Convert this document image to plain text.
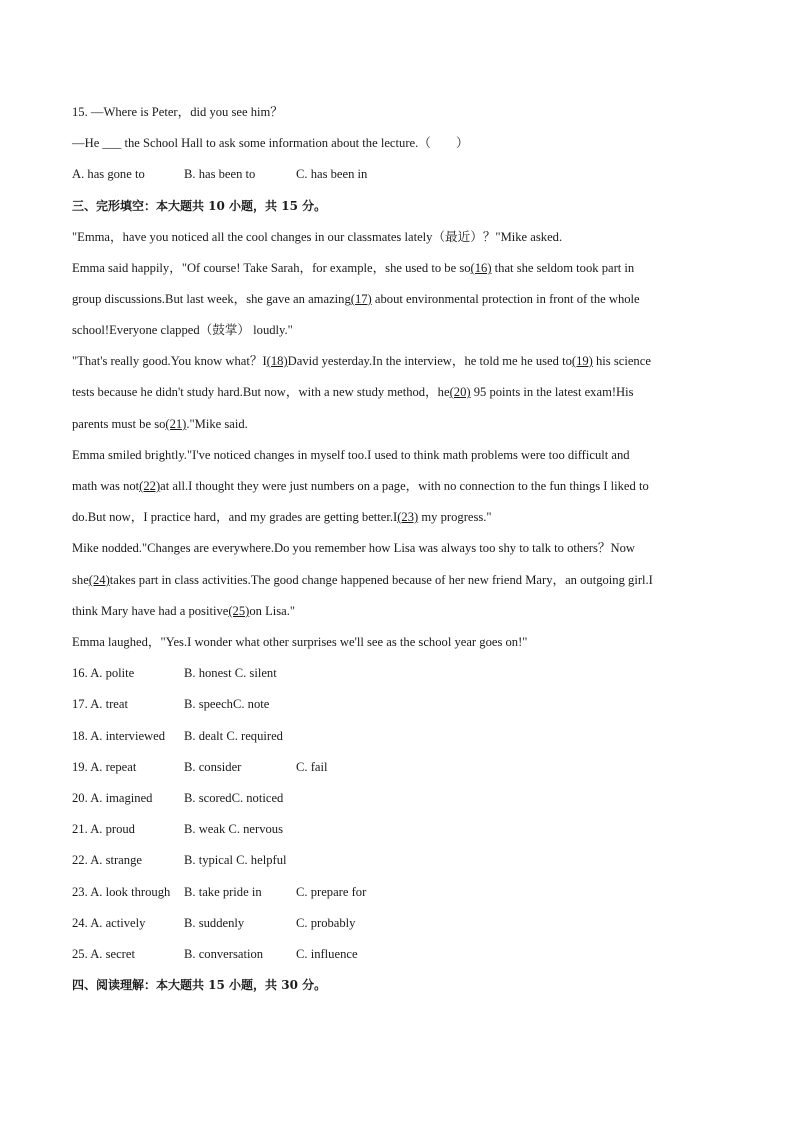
15. —Where is Peter，did you see him？
—He ___ the School Hall to ask some information about the lecture.（　　）
A. has gone to	B. has been to	C. has been in
三、完形填空：本大题共 10 小题，共 15 分。
"Emma，have you noticed all the cool changes in our classmates lately（最近）？"Mike asked.
Emma said happily，"Of course! Take Sarah，for example，she used to be so(16) that she seldom took part in
group discussions.But last week，she gave an amazing(17) about environmental protection in front of the whole
school!Everyone clapped（鼓掌） loudly."
"That's really good.You know what？I(18)David yesterday.In the interview，he told me he used to(19) his science
tests because he didn't study hard.But now，with a new study method，he(20) 95 points in the latest exam!His
parents must be so(21)."Mike said.
Emma smiled brightly."I've noticed changes in myself too.I used to think math problems were too difficult and
math was not(22)at all.I thought they were just numbers on a page，with no connection to the fun things I liked to
do.But now，I practice hard，and my grades are getting better.I(23) my progress."
Mike nodded."Changes are everywhere.Do you remember how Lisa was always too shy to talk to others？Now
she(24)takes part in class activities.The good change happened because of her new friend Mary，an outgoing girl.I
think Mary have had a positive(25)on Lisa."
Emma laughed，"Yes.I wonder what other surprises we'll see as the school year goes on!"
16. A. polite	B. honest C. silent
17. A. treat	B. speechC. note
18. A. interviewed	B. dealt C. required
19. A. repeat	B. consider	C. fail
20. A. imagined	B. scoredC. noticed
21. A. proud	B. weak C. nervous
22. A. strange	B. typical C. helpful
23. A. look through	B. take pride in	C. prepare for
24. A. actively	B. suddenly	C. probably
25. A. secret	B. conversation	C. influence
四、阅读理解：本大题共 15 小题，共 30 分。
